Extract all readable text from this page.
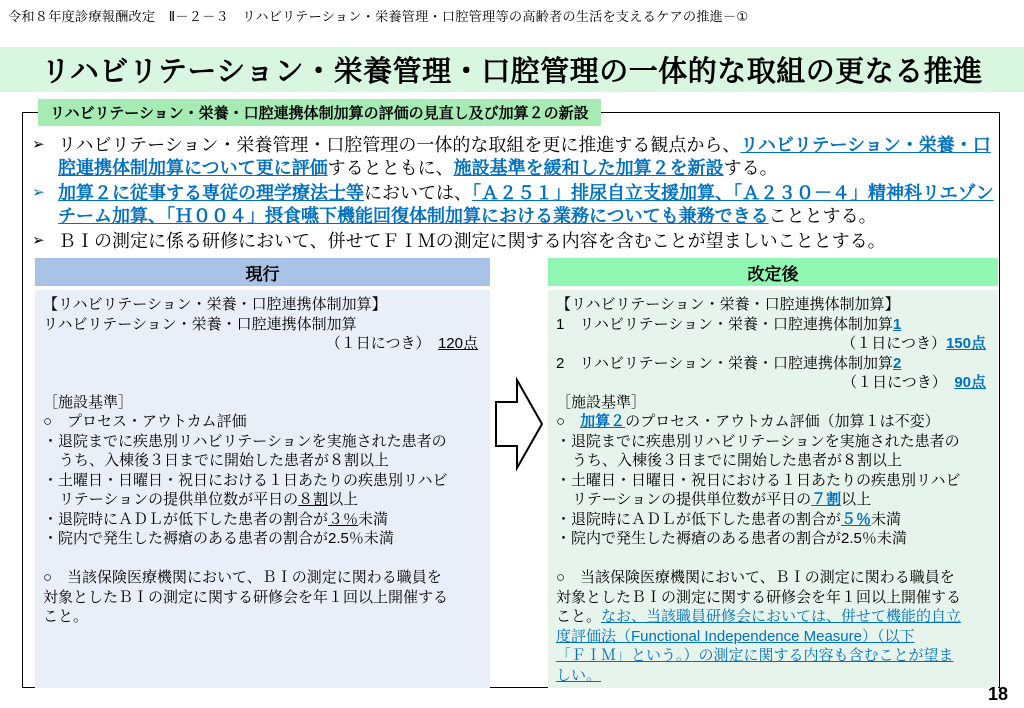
令和８年度診療報酬改定　Ⅱ－２－３　リハビリテーション・栄養管理・口腔管理等の高齢者の生活を支えるケアの推進－①
リハビリテーション・栄養管理・口腔管理の一体的な取組の更なる推進
リハビリテーション・栄養・口腔連携体制加算の評価の見直し及び加算２の新設
➢ リハビリテーション・栄養管理・口腔管理の一体的な取組を更に推進する観点から、リハビリテーション・栄養・口腔連携体制加算について更に評価するとともに、施設基準を緩和した加算２を新設する。
➢ 加算２に従事する専従の理学療法士等においては、「Ａ２５１」排尿自立支援加算、「Ａ２３０－４」精神科リエゾンチーム加算、「Ｈ００４」摂食嚥下機能回復体制加算における業務についても兼務できることとする。
➢ ＢＩの測定に係る研修において、併せてＦＩＭの測定に関する内容を含むことが望ましいこととする。
現行
【リハビリテーション・栄養・口腔連携体制加算】
リハビリテーション・栄養・口腔連携体制加算
（１日につき）　120点
［施設基準］
○　プロセス・アウトカム評価
・退院までに疾患別リハビリテーションを実施された患者の
うち、入棟後３日までに開始した患者が８割以上
・土曜日・日曜日・祝日における１日あたりの疾患別リハビ
リテーションの提供単位数が平日の８割以上
・退院時にＡＤＬが低下した患者の割合が３％未満
・院内で発生した褥瘡のある患者の割合が2.5％未満
○　当該保険医療機関において、ＢＩの測定に関わる職員を
対象としたＢＩの測定に関する研修会を年１回以上開催する
こと。
改定後
【リハビリテーション・栄養・口腔連携体制加算】
1　リハビリテーション・栄養・口腔連携体制加算1
（１日につき）150点
2　リハビリテーション・栄養・口腔連携体制加算2
（１日につき）　90点
［施設基準］
○　加算２のプロセス・アウトカム評価（加算１は不変）
・退院までに疾患別リハビリテーションを実施された患者の
うち、入棟後３日までに開始した患者が８割以上
・土曜日・日曜日・祝日における１日あたりの疾患別リハビ
リテーションの提供単位数が平日の７割以上
・退院時にＡＤＬが低下した患者の割合が５％未満
・院内で発生した褥瘡のある患者の割合が2.5％未満
○　当該保険医療機関において、ＢＩの測定に関わる職員を
対象としたＢＩの測定に関する研修会を年１回以上開催する
こと。なお、当該職員研修会においては、併せて機能的自立
度評価法（Functional Independence Measure）（以下
「ＦＩＭ」という。）の測定に関する内容も含むことが望ま
しい。
18
